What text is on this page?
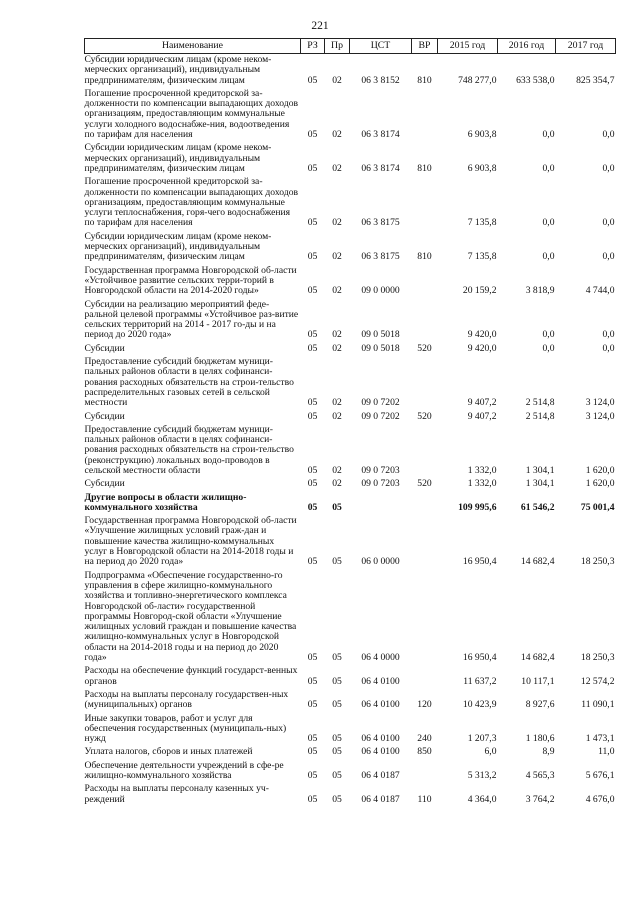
221
Наименование	РЗ	Пр	ЦСТ	ВР	2015 год	2016 год	2017 год
Субсидии юридическим лицам (кроме неком-мерческих организаций), индивидуальным предпринимателям, физическим лицам	05	02	06 3 8152	810	748 277,0	633 538,0	825 354,7
Погашение просроченной кредиторской за-долженности по компенсации выпадающих доходов организациям, предоставляющим коммунальные услуги холодного водоснабже-ния, водоотведения по тарифам для населения	05	02	06 3 8174		6 903,8	0,0	0,0
Субсидии юридическим лицам (кроме неком-мерческих организаций), индивидуальным предпринимателям, физическим лицам	05	02	06 3 8174	810	6 903,8	0,0	0,0
Погашение просроченной кредиторской за-долженности по компенсации выпадающих доходов организациям, предоставляющим коммунальные услуги теплоснабжения, горя-чего водоснабжения по тарифам для населения	05	02	06 3 8175		7 135,8	0,0	0,0
Субсидии юридическим лицам (кроме неком-мерческих организаций), индивидуальным предпринимателям, физическим лицам	05	02	06 3 8175	810	7 135,8	0,0	0,0
Государственная программа Новгородской об-ласти «Устойчивое развитие сельских терри-торий в Новгородской области на 2014-2020 годы»	05	02	09 0 0000		20 159,2	3 818,9	4 744,0
Субсидии на реализацию мероприятий феде-ральной целевой программы «Устойчивое раз-витие сельских территорий на 2014 - 2017 го-ды и на период до 2020 года»	05	02	09 0 5018		9 420,0	0,0	0,0
Субсидии	05	02	09 0 5018	520	9 420,0	0,0	0,0
Предоставление субсидий бюджетам муници-пальных районов области в целях софинанси-рования расходных обязательств на строи-тельство распределительных газовых сетей в сельской местности	05	02	09 0 7202		9 407,2	2 514,8	3 124,0
Субсидии	05	02	09 0 7202	520	9 407,2	2 514,8	3 124,0
Предоставление субсидий бюджетам муници-пальных районов области в целях софинанси-рования расходных обязательств на строи-тельство (реконструкцию) локальных водо-проводов в сельской местности области	05	02	09 0 7203		1 332,0	1 304,1	1 620,0
Субсидии	05	02	09 0 7203	520	1 332,0	1 304,1	1 620,0
Другие вопросы в области жилищно-коммунального хозяйства	05	05			109 995,6	61 546,2	75 001,4
Государственная программа Новгородской об-ласти «Улучшение жилищных условий граж-дан и повышение качества жилищно-коммунальных услуг в Новгородской области на 2014-2018 годы и на период до 2020 года»	05	05	06 0 0000		16 950,4	14 682,4	18 250,3
Подпрограмма «Обеспечение государственно-го управления в сфере жилищно-коммунального хозяйства и топливно-энергетического комплекса Новгородской об-ласти» государственной программы Новгород-ской области «Улучшение жилищных условий граждан и повышение качества жилищно-коммунальных услуг в Новгородской области на 2014-2018 годы и на период до 2020 года»	05	05	06 4 0000		16 950,4	14 682,4	18 250,3
Расходы на обеспечение функций государст-венных органов	05	05	06 4 0100		11 637,2	10 117,1	12 574,2
Расходы на выплаты персоналу государствен-ных (муниципальных) органов	05	05	06 4 0100	120	10 423,9	8 927,6	11 090,1
Иные закупки товаров, работ и услуг для обеспечения государственных (муниципаль-ных) нужд	05	05	06 4 0100	240	1 207,3	1 180,6	1 473,1
Уплата налогов, сборов и иных платежей	05	05	06 4 0100	850	6,0	8,9	11,0
Обеспечение деятельности учреждений в сфе-ре жилищно-коммунального хозяйства	05	05	06 4 0187		5 313,2	4 565,3	5 676,1
Расходы на выплаты персоналу казенных уч-реждений	05	05	06 4 0187	110	4 364,0	3 764,2	4 676,0
